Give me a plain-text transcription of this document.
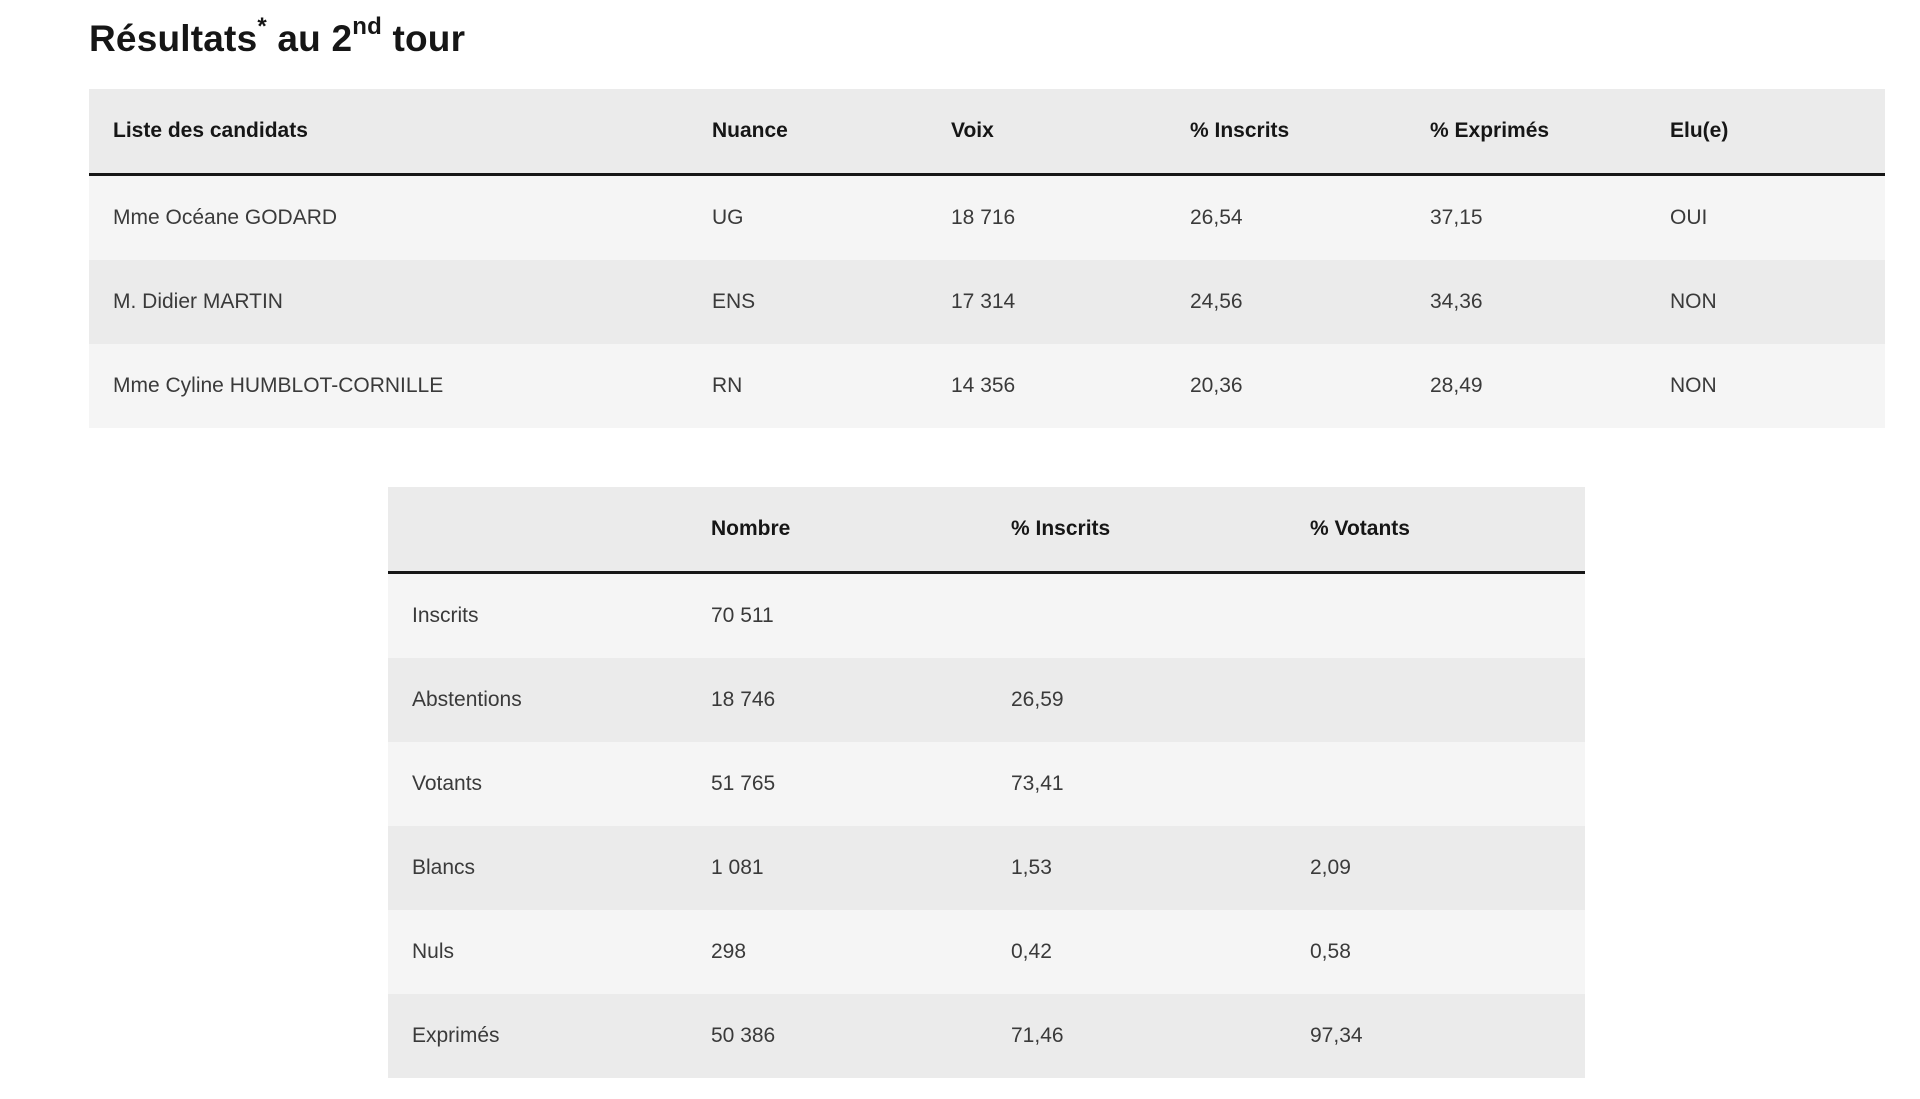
Résultats* au 2nd tour
Liste des candidats	Nuance	Voix	% Inscrits	% Exprimés	Elu(e)
Mme Océane GODARD	UG	18 716	26,54	37,15	OUI
M. Didier MARTIN	ENS	17 314	24,56	34,36	NON
Mme Cyline HUMBLOT-CORNILLE	RN	14 356	20,36	28,49	NON
	Nombre	% Inscrits	% Votants
Inscrits	70 511		
Abstentions	18 746	26,59	
Votants	51 765	73,41	
Blancs	1 081	1,53	2,09
Nuls	298	0,42	0,58
Exprimés	50 386	71,46	97,34
